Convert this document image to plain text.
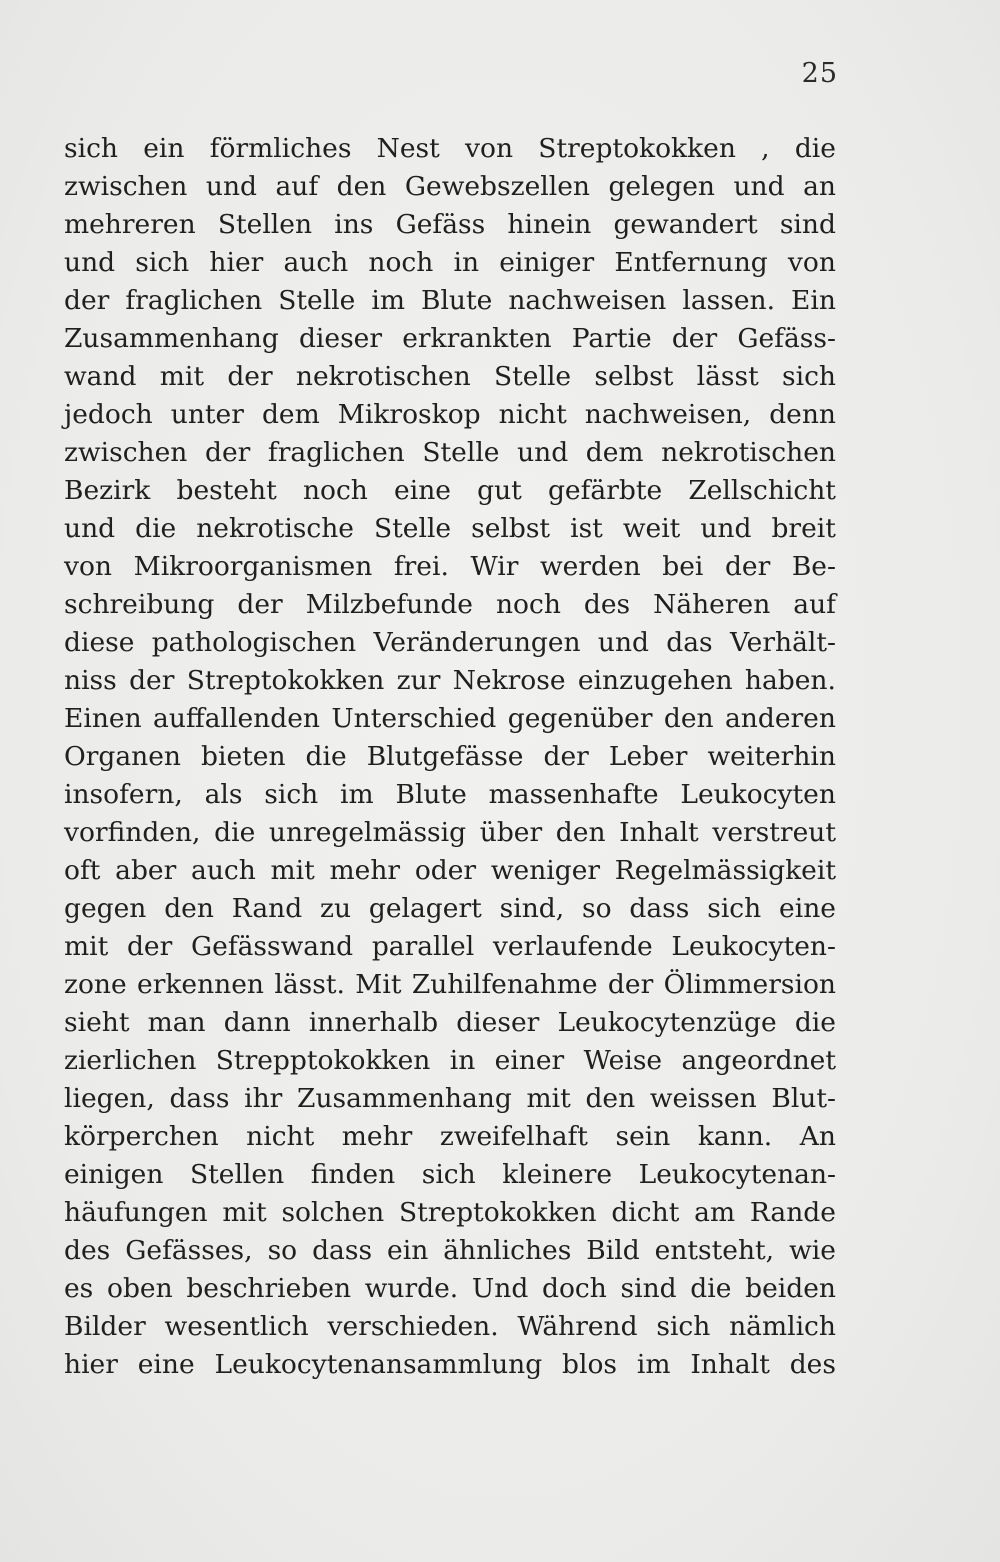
25
sich ein förmliches Nest von Streptokokken , die
zwischen und auf den Gewebszellen gelegen und an
mehreren Stellen ins Gefäss hinein gewandert sind
und sich hier auch noch in einiger Entfernung von
der fraglichen Stelle im Blute nachweisen lassen. Ein
Zusammenhang dieser erkrankten Partie der Gefäss-
wand mit der nekrotischen Stelle selbst lässt sich
jedoch unter dem Mikroskop nicht nachweisen, denn
zwischen der fraglichen Stelle und dem nekrotischen
Bezirk besteht noch eine gut gefärbte Zellschicht
und die nekrotische Stelle selbst ist weit und breit
von Mikroorganismen frei. Wir werden bei der Be-
schreibung der Milzbefunde noch des Näheren auf
diese pathologischen Veränderungen und das Verhält-
niss der Streptokokken zur Nekrose einzugehen haben.
Einen auffallenden Unterschied gegenüber den anderen
Organen bieten die Blutgefässe der Leber weiterhin
insofern, als sich im Blute massenhafte Leukocyten
vorfinden, die unregelmässig über den Inhalt verstreut
oft aber auch mit mehr oder weniger Regelmässigkeit
gegen den Rand zu gelagert sind, so dass sich eine
mit der Gefässwand parallel verlaufende Leukocyten-
zone erkennen lässt. Mit Zuhilfenahme der Ölimmersion
sieht man dann innerhalb dieser Leukocytenzüge die
zierlichen Strepptokokken in einer Weise angeordnet
liegen, dass ihr Zusammenhang mit den weissen Blut-
körperchen nicht mehr zweifelhaft sein kann. An
einigen Stellen finden sich kleinere Leukocytenan-
häufungen mit solchen Streptokokken dicht am Rande
des Gefässes, so dass ein ähnliches Bild entsteht, wie
es oben beschrieben wurde. Und doch sind die beiden
Bilder wesentlich verschieden. Während sich nämlich
hier eine Leukocytenansammlung blos im Inhalt des
